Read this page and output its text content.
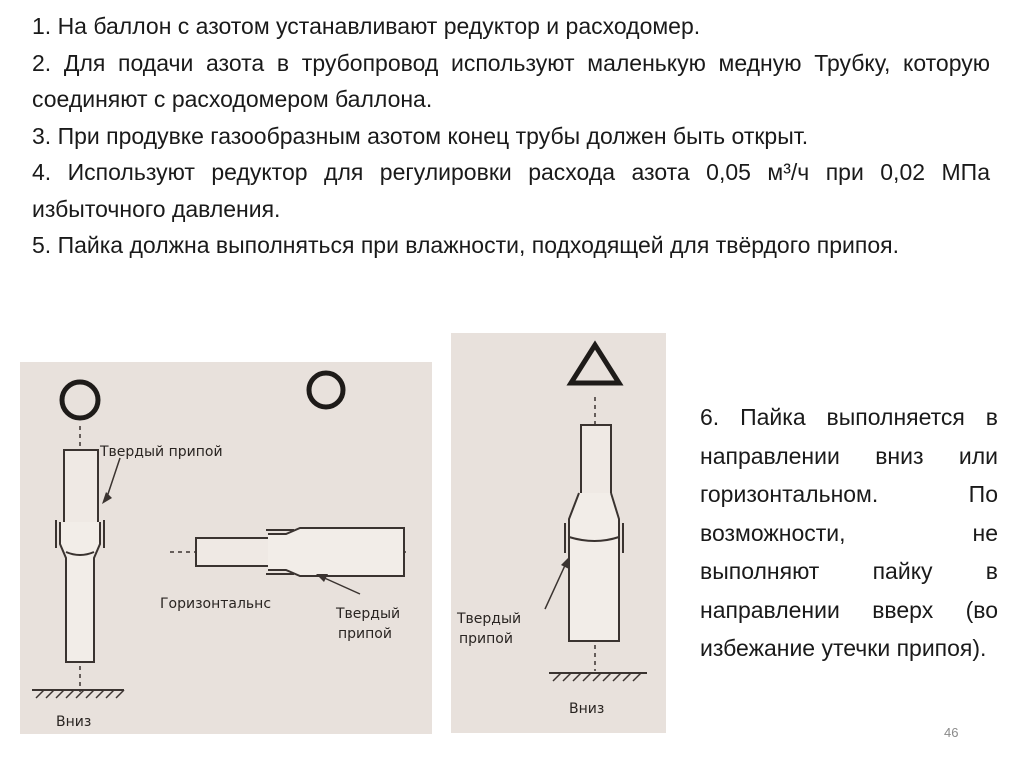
1. На баллон с азотом устанавливают редуктор и расходомер.

2. Для подачи азота в трубопровод используют маленькую медную Трубку, которую соединяют с расходомером баллона.

3. При продувке газообразным азотом конец трубы должен быть открыт.

4. Используют редуктор для регулировки расхода азота 0,05 м³/ч при 0,02 МПа избыточного давления.

5. Пайка должна выполняться при влажности, подходящей для твёрдого припоя.

Твердый припой
Вниз
Горизонтальнс
Твердый
припой
Твердый
припой
Вниз

6. Пайка выполняется в направлении вниз или горизонтальном. По возможности, не выполняют пайку в направлении вверх (во избежание утечки припоя).

46
